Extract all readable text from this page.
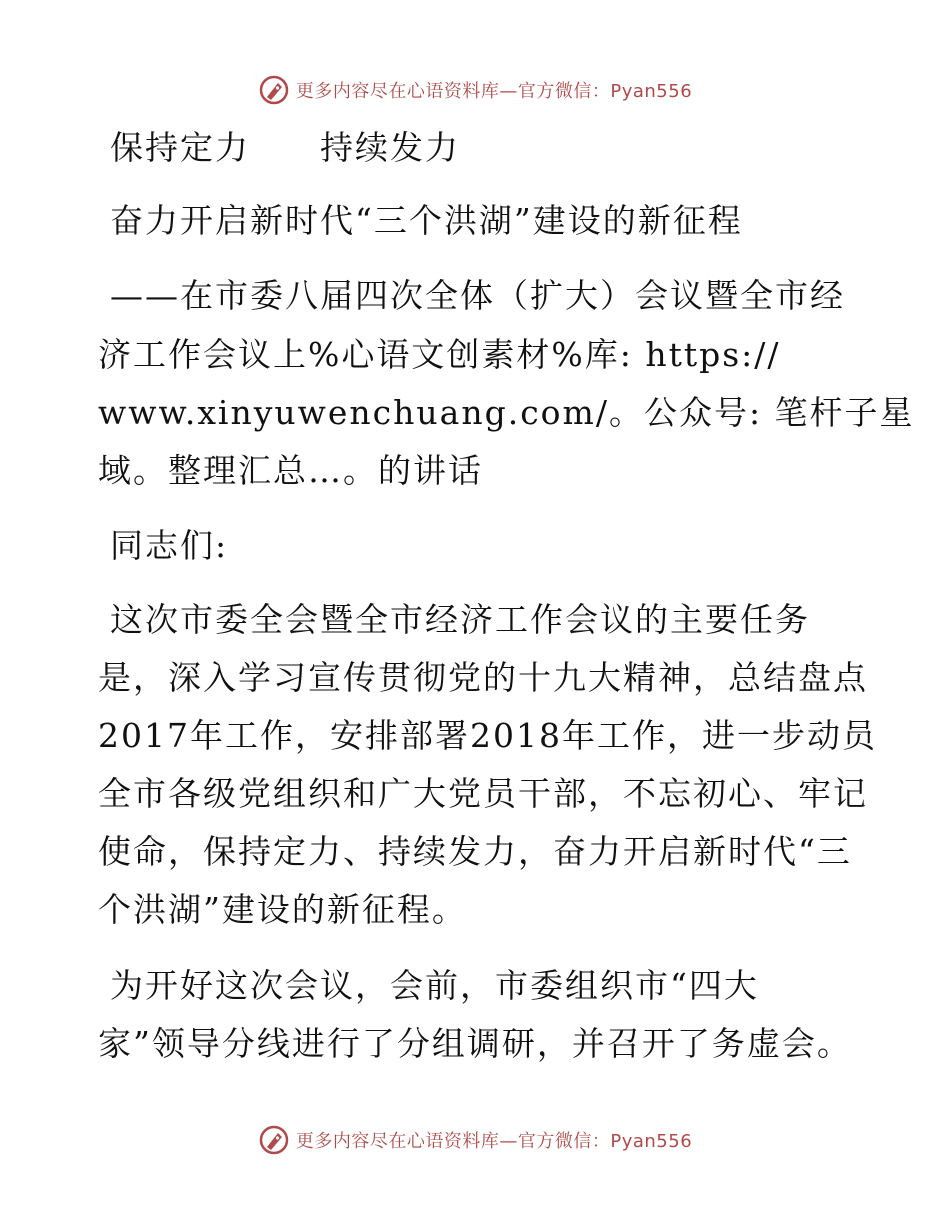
更多内容尽在心语资料库—官方微信：Pyan556
保持定力　　持续发力
奋力开启新时代“三个洪湖”建设的新征程
——在市委八届四次全体（扩大）会议暨全市经
济工作会议上%心语文创素材%库: https://
www.xinyuwenchuang.com/。公众号: 笔杆子星
域。整理汇总…。的讲话
同志们:
这次市委全会暨全市经济工作会议的主要任务
是，深入学习宣传贯彻党的十九大精神，总结盘点
2017年工作，安排部署2018年工作，进一步动员
全市各级党组织和广大党员干部，不忘初心、牢记
使命，保持定力、持续发力，奋力开启新时代“三
个洪湖”建设的新征程。
为开好这次会议，会前，市委组织市“四大
家”领导分线进行了分组调研，并召开了务虚会。
更多内容尽在心语资料库—官方微信：Pyan556
